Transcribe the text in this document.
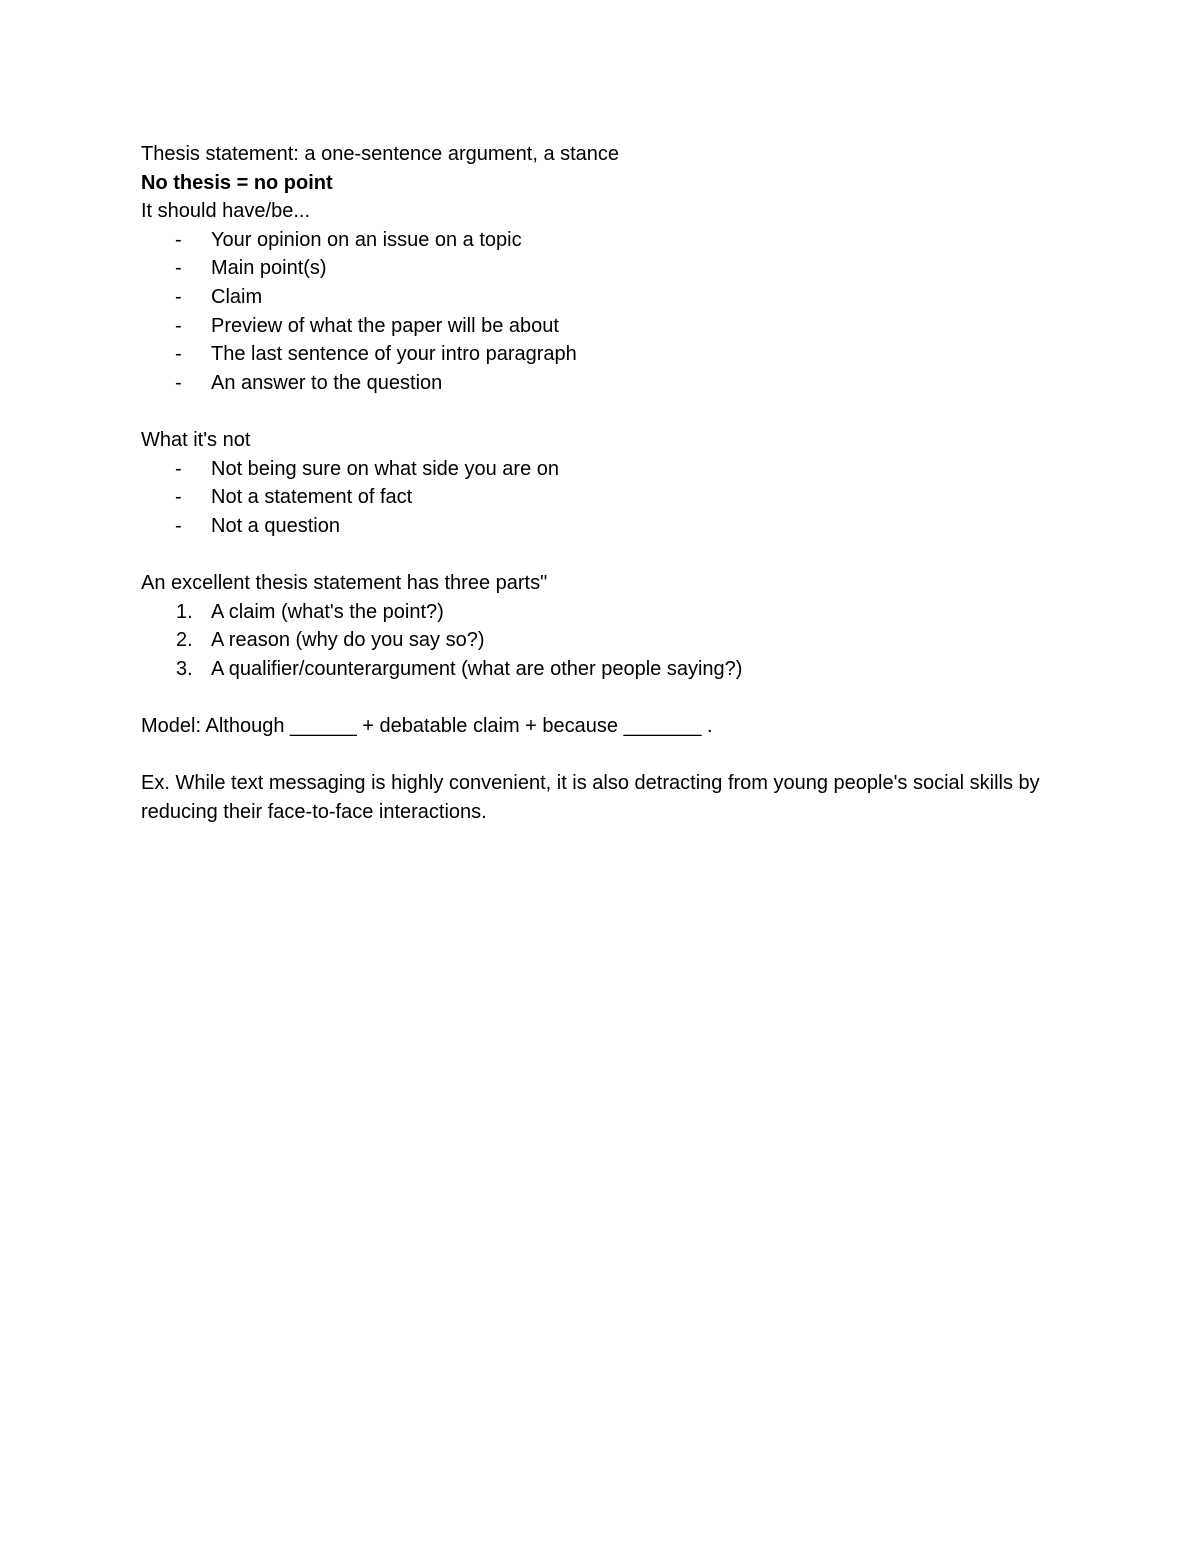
Thesis statement: a one-sentence argument, a stance

No thesis = no point

It should have/be...

- Your opinion on an issue on a topic
- Main point(s)
- Claim
- Preview of what the paper will be about
- The last sentence of your intro paragraph
- An answer to the question

What it's not

- Not being sure on what side you are on
- Not a statement of fact
- Not a question

An excellent thesis statement has three parts"

1. A claim (what's the point?)
2. A reason (why do you say so?)
3. A qualifier/counterargument (what are other people saying?)

Model: Although ______ + debatable claim + because _______ .

Ex. While text messaging is highly convenient, it is also detracting from young people's social skills by reducing their face-to-face interactions.
